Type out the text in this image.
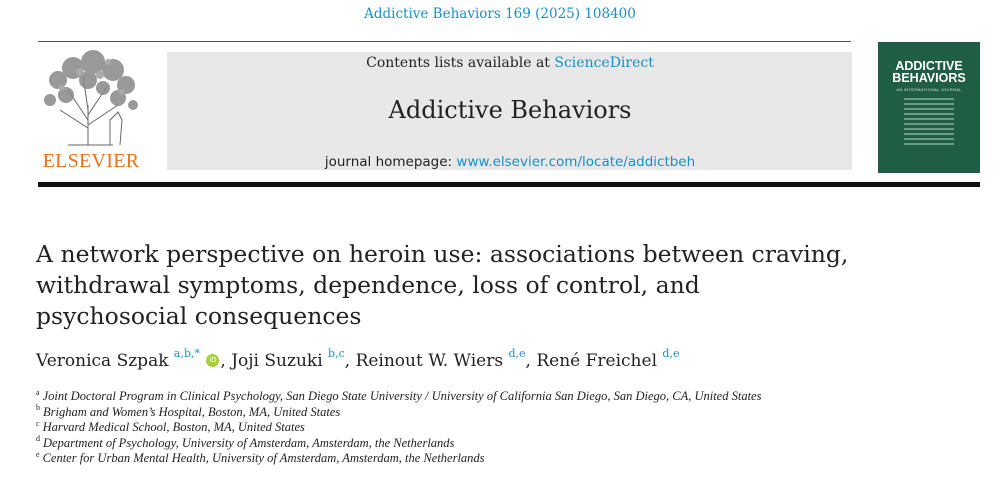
Addictive Behaviors 169 (2025) 108400
ELSEVIER
Contents lists available at ScienceDirect
Addictive Behaviors
journal homepage: www.elsevier.com/locate/addictbeh
ADDICTIVE
BEHAVIORS
AN INTERNATIONAL JOURNAL
A network perspective on heroin use: associations between craving,
withdrawal symptoms, dependence, loss of control, and
psychosocial consequences
Veronica Szpak $^{a,b,*}$ iD , Joji Suzuki $^{b,c}$, Reinout W. Wiers $^{d,e}$, René Freichel $^{d,e}$
$^a$ Joint Doctoral Program in Clinical Psychology, San Diego State University / University of California San Diego, San Diego, CA, United States
$^b$ Brigham and Women’s Hospital, Boston, MA, United States
$^c$ Harvard Medical School, Boston, MA, United States
$^d$ Department of Psychology, University of Amsterdam, Amsterdam, the Netherlands
$^e$ Center for Urban Mental Health, University of Amsterdam, Amsterdam, the Netherlands
